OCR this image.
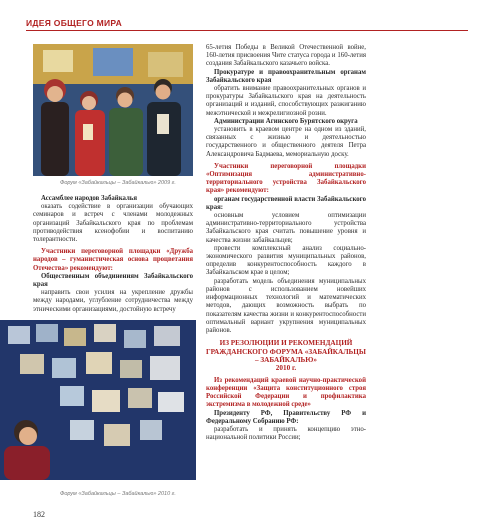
ИДЕЯ ОБЩЕГО МИРА
Форум «Забайкальцы – Забайкалью» 2009 г.

Ассамблее народов Забайкалья

оказать содействие в организации обучающих семинаров и встреч с членами молодежных организаций Забайкальского края по проблемам противодействия ксенофобии и воспитанию толерантности.

Участники переговорной площадки «Дружба народов – гуманистическая основа процветания Отечества» рекомендуют:

Общественным объединениям Забайкальского края

направить свои усилия на укрепление дружбы между народами, углубление сотрудничества между этническими организациями, достойную встречу

Форум «Забайкальцы – Забайкалью» 2010 г.

65-летия Победы в Великой Отечественной войне, 160-летия присвоения Чите статуса города и 160-летия создания Забайкальского казачьего войска.

Прокуратуре и правоохранительным органам Забайкальского края

обратить внимание правоохранительных органов и прокуратуры Забайкальского края на деятельность организаций и изданий, способствующих разжиганию межэтнической и межрелигиозной розни.

Администрации Агинского Бурятского округа

установить в краевом центре на одном из зданий, связанных с жизнью и деятельностью государственного и общественного деятеля Петра Александровича Бадмаева, мемориальную доску.

Участники переговорной площадки «Оптимизация административно-территориального устройства Забайкальского края» рекомендуют:

органам государственной власти Забайкальского края:

основным условием оптимизации административно-территориального устройства Забайкальского края считать повышение уровня и качества жизни забайкальцев;

провести комплексный анализ социально-экономического развития муниципальных районов, определив конкурентоспособность каждого в Забайкальском крае в целом;

разработать модель объединения муниципальных районов с использованием новейших информационных технологий и математических методов, дающих возможность выбрать по показателям качества жизни и конкурентоспособности оптимальный вариант укрупнения муниципальных районов.

ИЗ РЕЗОЛЮЦИИ И РЕКОМЕНДАЦИЙ ГРАЖДАНСКОГО ФОРУМА «ЗАБАЙКАЛЬЦЫ – ЗАБАЙКАЛЬЮ»

2010 г.

Из рекомендаций краевой научно-практической конференции «Защита конституционного строя Российской Федерации и профилактика экстремизма в молодежной среде»

Президенту РФ, Правительству РФ и Федеральному Собранию РФ:

разработать и принять концепцию этно-национальной политики России;

182
